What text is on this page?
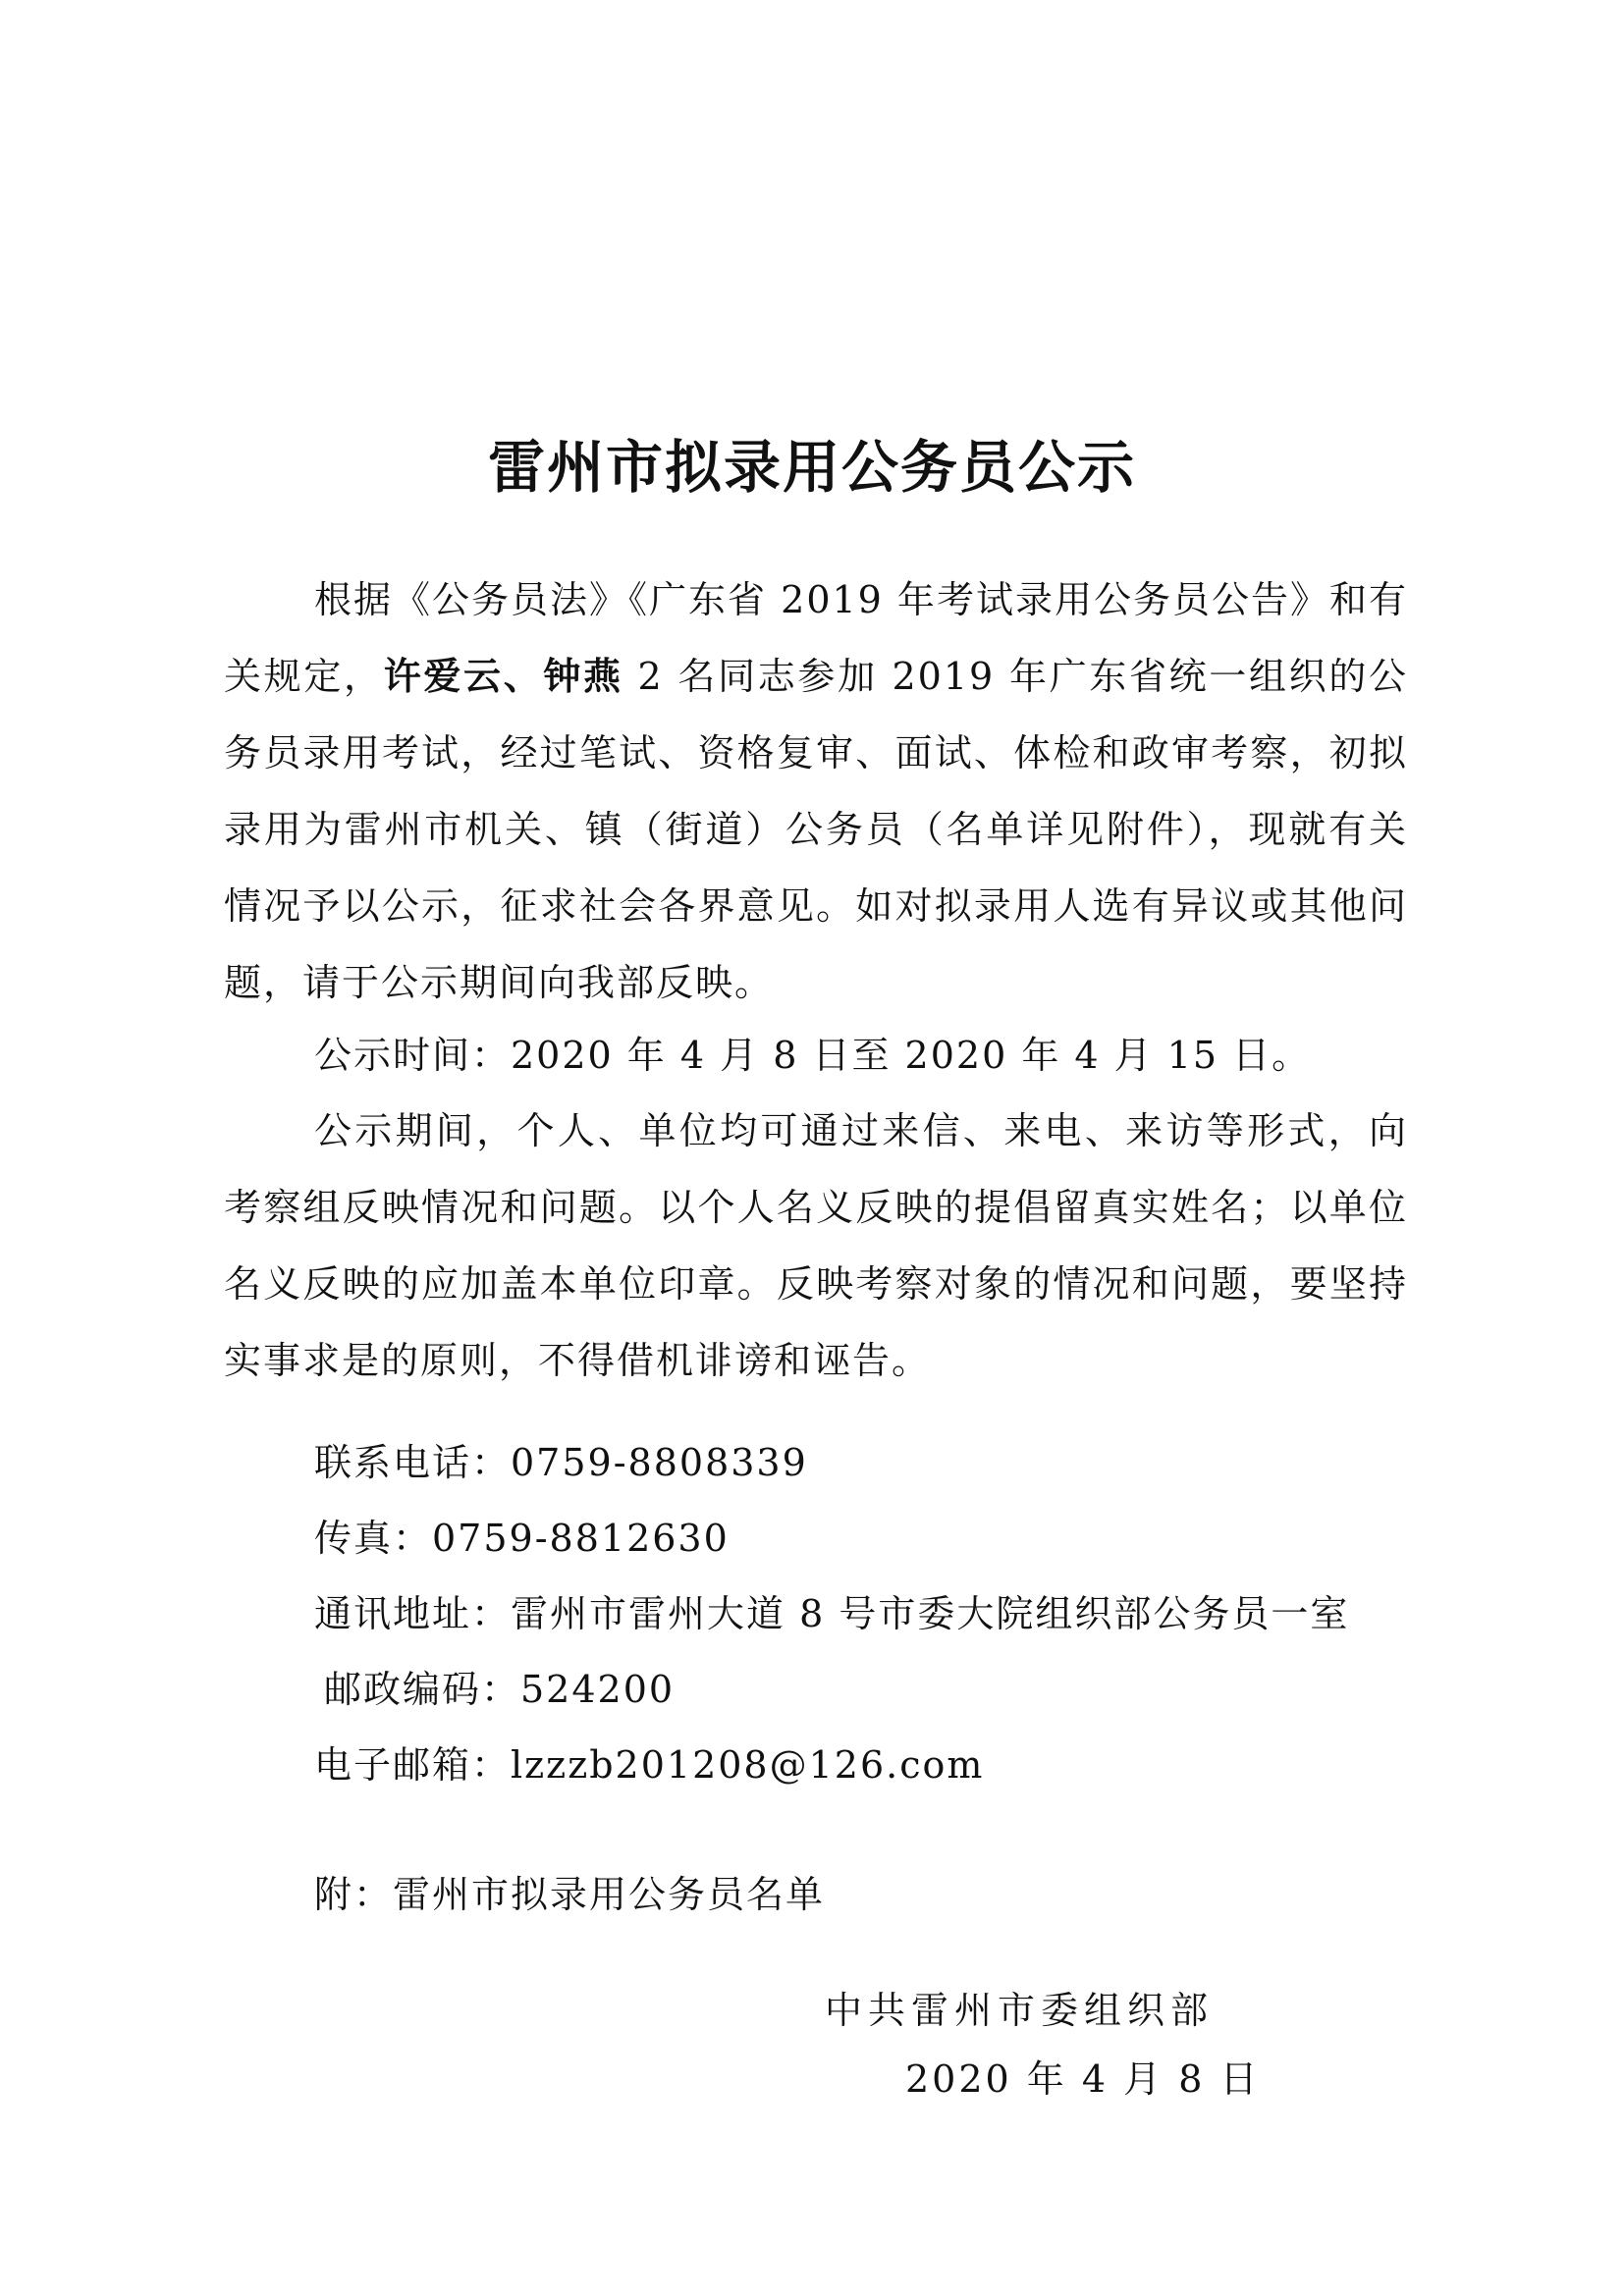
雷州市拟录用公务员公示
根据《公务员法》《广东省 2019 年考试录用公务员公告》和有关规定，许爱云、钟燕 2 名同志参加 2019 年广东省统一组织的公务员录用考试，经过笔试、资格复审、面试、体检和政审考察，初拟录用为雷州市机关、镇（街道）公务员（名单详见附件），现就有关情况予以公示，征求社会各界意见。如对拟录用人选有异议或其他问题，请于公示期间向我部反映。
公示时间：2020 年 4 月 8 日至 2020 年 4 月 15 日。
公示期间，个人、单位均可通过来信、来电、来访等形式，向考察组反映情况和问题。以个人名义反映的提倡留真实姓名；以单位名义反映的应加盖本单位印章。反映考察对象的情况和问题，要坚持实事求是的原则，不得借机诽谤和诬告。
联系电话：0759-8808339
传真：0759-8812630
通讯地址：雷州市雷州大道 8 号市委大院组织部公务员一室
邮政编码：524200
电子邮箱：lzzzb201208@126.com
附：雷州市拟录用公务员名单
中共雷州市委组织部
2020 年 4 月 8 日
